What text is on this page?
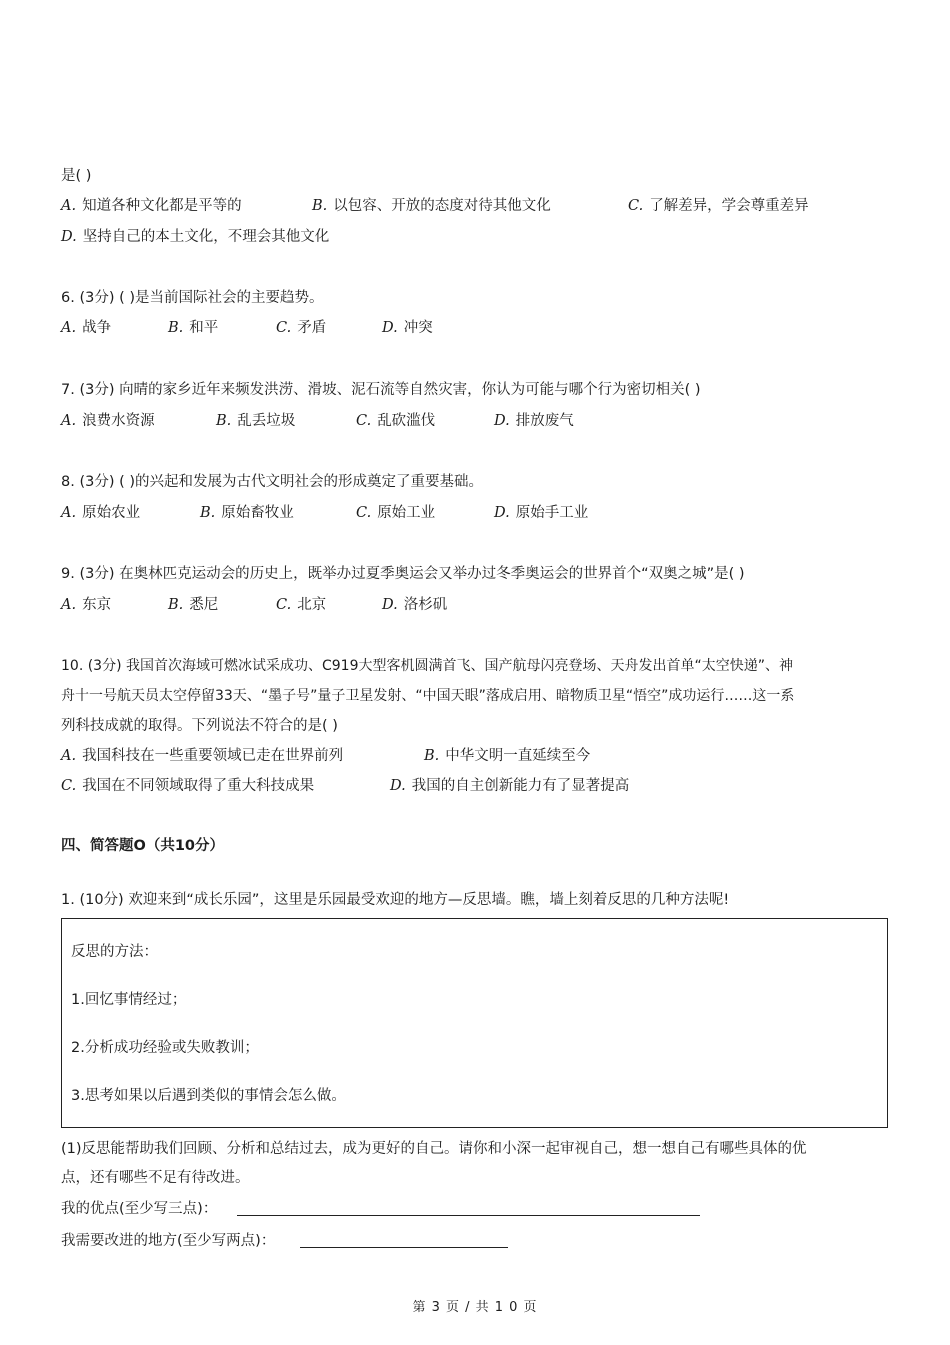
是( )
A. 知道各种文化都是平等的	B. 以包容、开放的态度对待其他文化	C. 了解差异，学会尊重差异
D. 坚持自己的本土文化，不理会其他文化
6. (3分) ( )是当前国际社会的主要趋势。
A. 战争	B. 和平	C. 矛盾	D. 冲突
7. (3分) 向晴的家乡近年来频发洪涝、滑坡、泥石流等自然灾害，你认为可能与哪个行为密切相关( )
A. 浪费水资源	B. 乱丢垃圾	C. 乱砍滥伐	D. 排放废气
8. (3分) ( )的兴起和发展为古代文明社会的形成奠定了重要基础。
A. 原始农业	B. 原始畜牧业	C. 原始工业	D. 原始手工业
9. (3分) 在奥林匹克运动会的历史上，既举办过夏季奥运会又举办过冬季奥运会的世界首个“双奥之城”是( )
A. 东京	B. 悉尼	C. 北京	D. 洛杉矶
10. (3分) 我国首次海域可燃冰试采成功、C919大型客机圆满首飞、国产航母闪亮登场、天舟发出首单“太空快递”、神
舟十一号航天员太空停留33天、“墨子号”量子卫星发射、“中国天眼”落成启用、暗物质卫星“悟空”成功运行……这一系
列科技成就的取得。下列说法不符合的是( )
A. 我国科技在一些重要领域已走在世界前列	B. 中华文明一直延续至今
C. 我国在不同领域取得了重大科技成果	D. 我国的自主创新能力有了显著提高
四、简答题O（共10分）
1. (10分) 欢迎来到“成长乐园”，这里是乐园最受欢迎的地方—反思墙。瞧，墙上刻着反思的几种方法呢!
反思的方法：
1.回忆事情经过；
2.分析成功经验或失败教训；
3.思考如果以后遇到类似的事情会怎么做。
(1)反思能帮助我们回顾、分析和总结过去，成为更好的自己。请你和小深一起审视自己，想一想自己有哪些具体的优
点，还有哪些不足有待改进。
我的优点(至少写三点)：
我需要改进的地方(至少写两点)：
第 3 页 / 共 1 0 页
